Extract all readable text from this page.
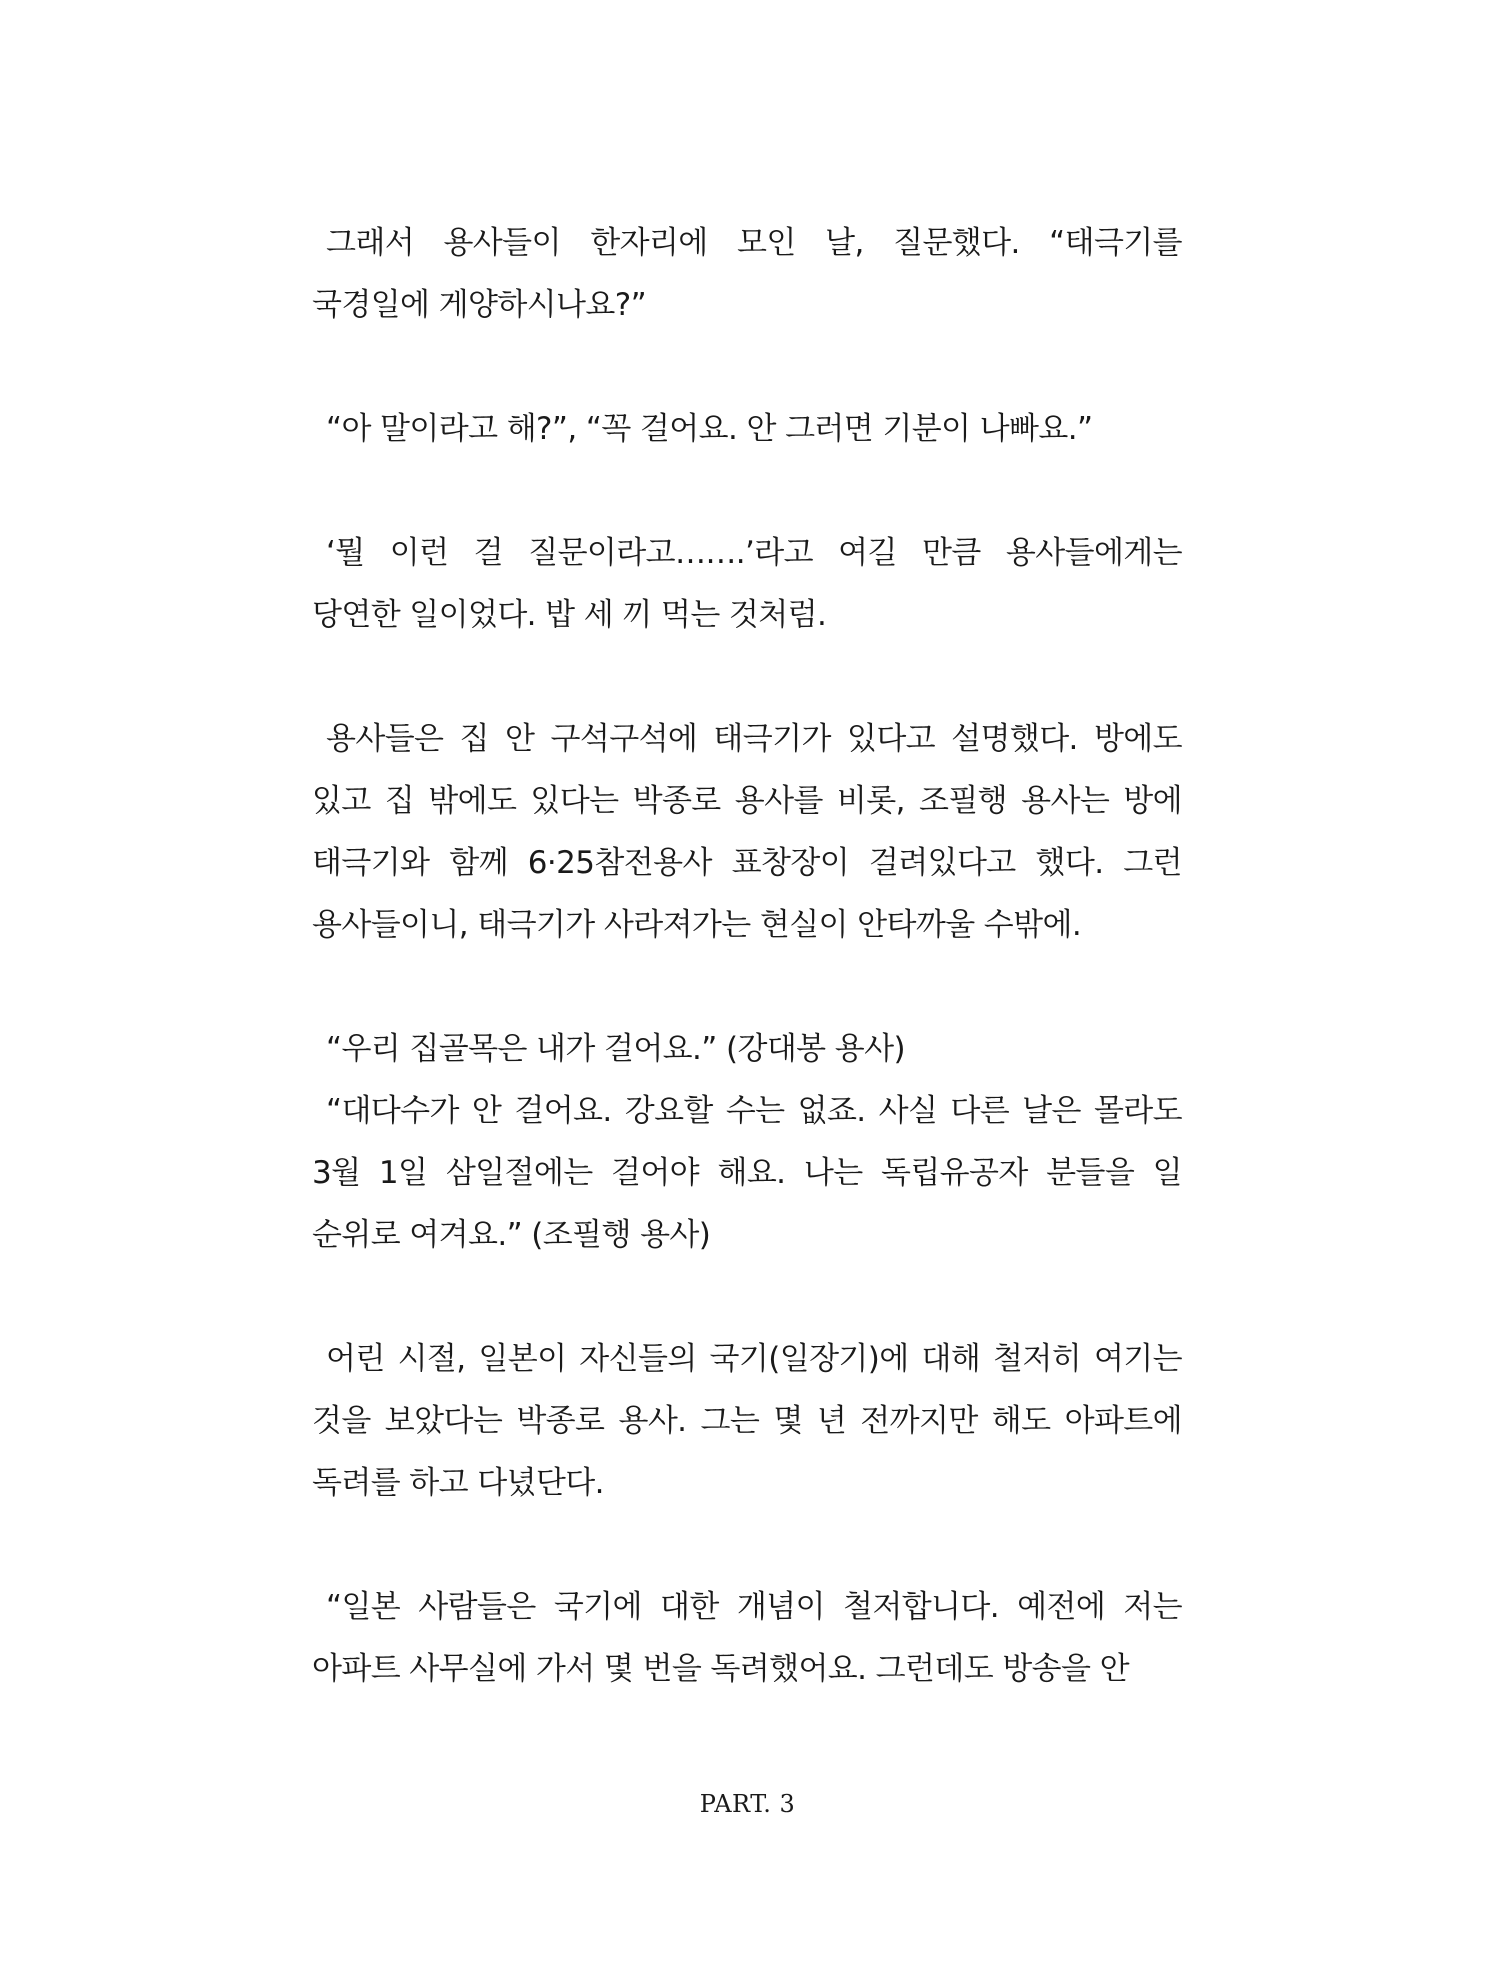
그래서 용사들이 한자리에 모인 날, 질문했다. “태극기를 국경일에 게양하시나요?”

“아 말이라고 해?”, “꼭 걸어요. 안 그러면 기분이 나빠요.”

‘뭘 이런 걸 질문이라고…….’라고 여길 만큼 용사들에게는 당연한 일이었다. 밥 세 끼 먹는 것처럼.

용사들은 집 안 구석구석에 태극기가 있다고 설명했다. 방에도 있고 집 밖에도 있다는 박종로 용사를 비롯, 조필행 용사는 방에 태극기와 함께 6·25참전용사 표창장이 걸려있다고 했다. 그런 용사들이니, 태극기가 사라져가는 현실이 안타까울 수밖에.

“우리 집골목은 내가 걸어요.” (강대봉 용사)

“대다수가 안 걸어요. 강요할 수는 없죠. 사실 다른 날은 몰라도 3월 1일 삼일절에는 걸어야 해요. 나는 독립유공자 분들을 일 순위로 여겨요.” (조필행 용사)

어린 시절, 일본이 자신들의 국기(일장기)에 대해 철저히 여기는 것을 보았다는 박종로 용사. 그는 몇 년 전까지만 해도 아파트에 독려를 하고 다녔단다.

“일본 사람들은 국기에 대한 개념이 철저합니다. 예전에 저는 아파트 사무실에 가서 몇 번을 독려했어요. 그런데도 방송을 안

PART. 3
